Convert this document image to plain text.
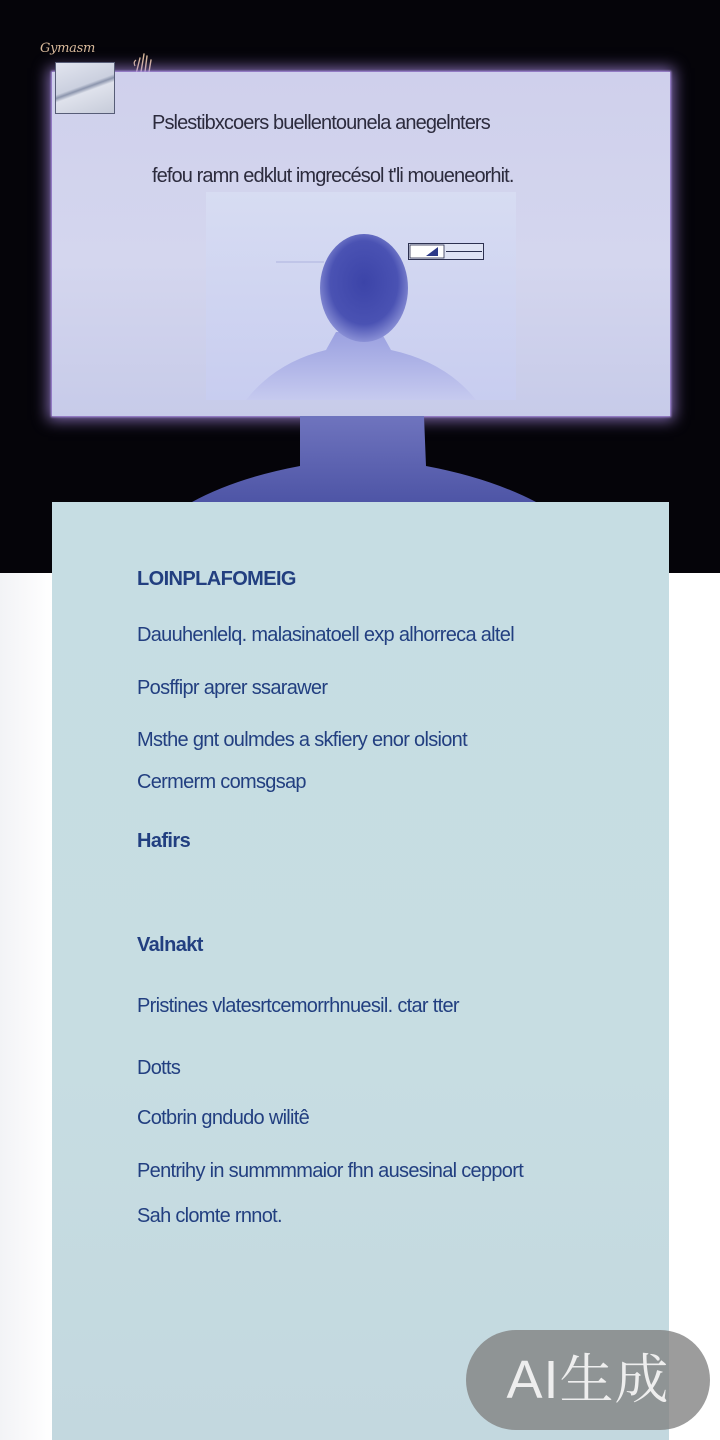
Gymasm
Pslestibxcoers buellentounela anegelnters
fefou ramn edklut imgrecésol t'li moueneorhit.
LOINPLAFOMEIG
Dauuhenlelq. malasinatoell exp alhorreca altel
Posffipr aprer ssarawer
Msthe gnt oulmdes a skfiery enor olsiont
Cermerm comsgsap
Hafirs
Valnakt
Pristines vlatesrtcemorrhnuesil. ctar tter
Dotts
Cotbrin gndudo wilitê
Pentrihy in summmmaior fhn ausesinal cepport
Sah clomte rnnot.
AI生成
